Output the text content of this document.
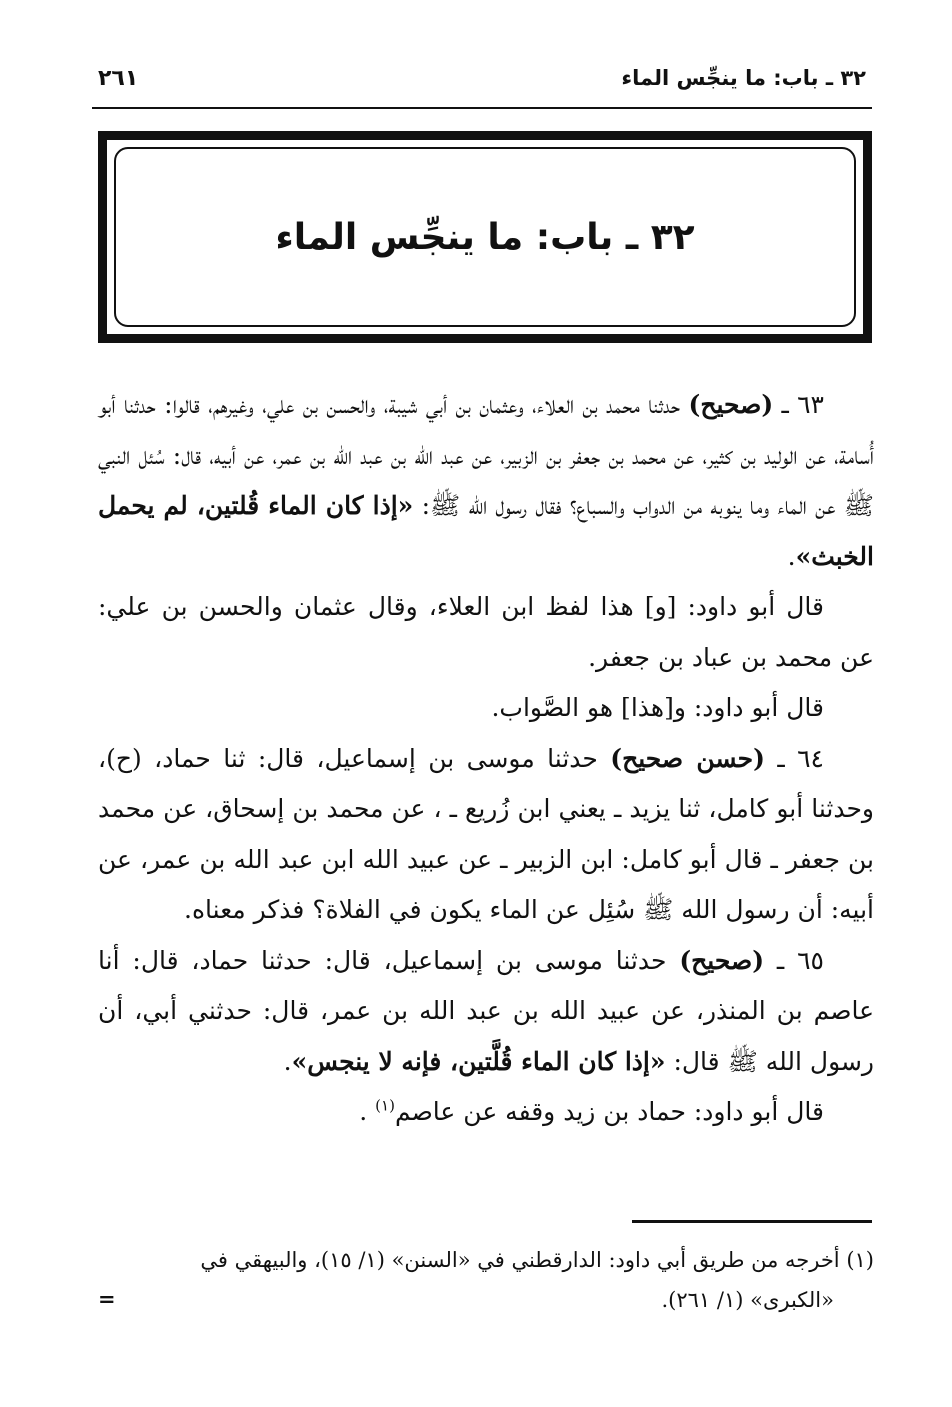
٣٢ ـ باب: ما ينجِّس الماء
٢٦١
٣٢ ـ باب: ما ينجِّس الماء

٦٣ ـ (صحيح) حدثنا محمد بن العلاء، وعثمان بن أبي شيبة، والحسن بن علي، وغيرهم، قالوا: حدثنا أبو أُسامة، عن الوليد بن كثير، عن محمد بن جعفر بن الزبير، عن عبد الله بن عبد الله بن عمر، عن أبيه، قال: سُئل النبي ﷺ عن الماء وما ينوبه من الدواب والسباع؟ فقال رسول الله ﷺ: «إذا كان الماء قُلتين، لم يحمل الخبث».

قال أبو داود: [و] هذا لفظ ابن العلاء، وقال عثمان والحسن بن علي: عن محمد بن عباد بن جعفر.

قال أبو داود: و[هذا] هو الصَّواب.

٦٤ ـ (حسن صحيح) حدثنا موسى بن إسماعيل، قال: ثنا حماد، (ح)، وحدثنا أبو كامل، ثنا يزيد ـ يعني ابن زُريع ـ ، عن محمد بن إسحاق، عن محمد بن جعفر ـ قال أبو كامل: ابن الزبير ـ عن عبيد الله ابن عبد الله بن عمر، عن أبيه: أن رسول الله ﷺ سُئِل عن الماء يكون في الفلاة؟ فذكر معناه.

٦٥ ـ (صحيح) حدثنا موسى بن إسماعيل، قال: حدثنا حماد، قال: أنا عاصم بن المنذر، عن عبيد الله بن عبد الله بن عمر، قال: حدثني أبي، أن رسول الله ﷺ قال: «إذا كان الماء قُلَّتين، فإنه لا ينجس».

قال أبو داود: حماد بن زيد وقفه عن عاصم$^{(١)}$ .

(١) أخرجه من طريق أبي داود: الدارقطني في «السنن» (١/ ١٥)، والبيهقي في

«الكبرى» (١/ ٢٦١).

=
